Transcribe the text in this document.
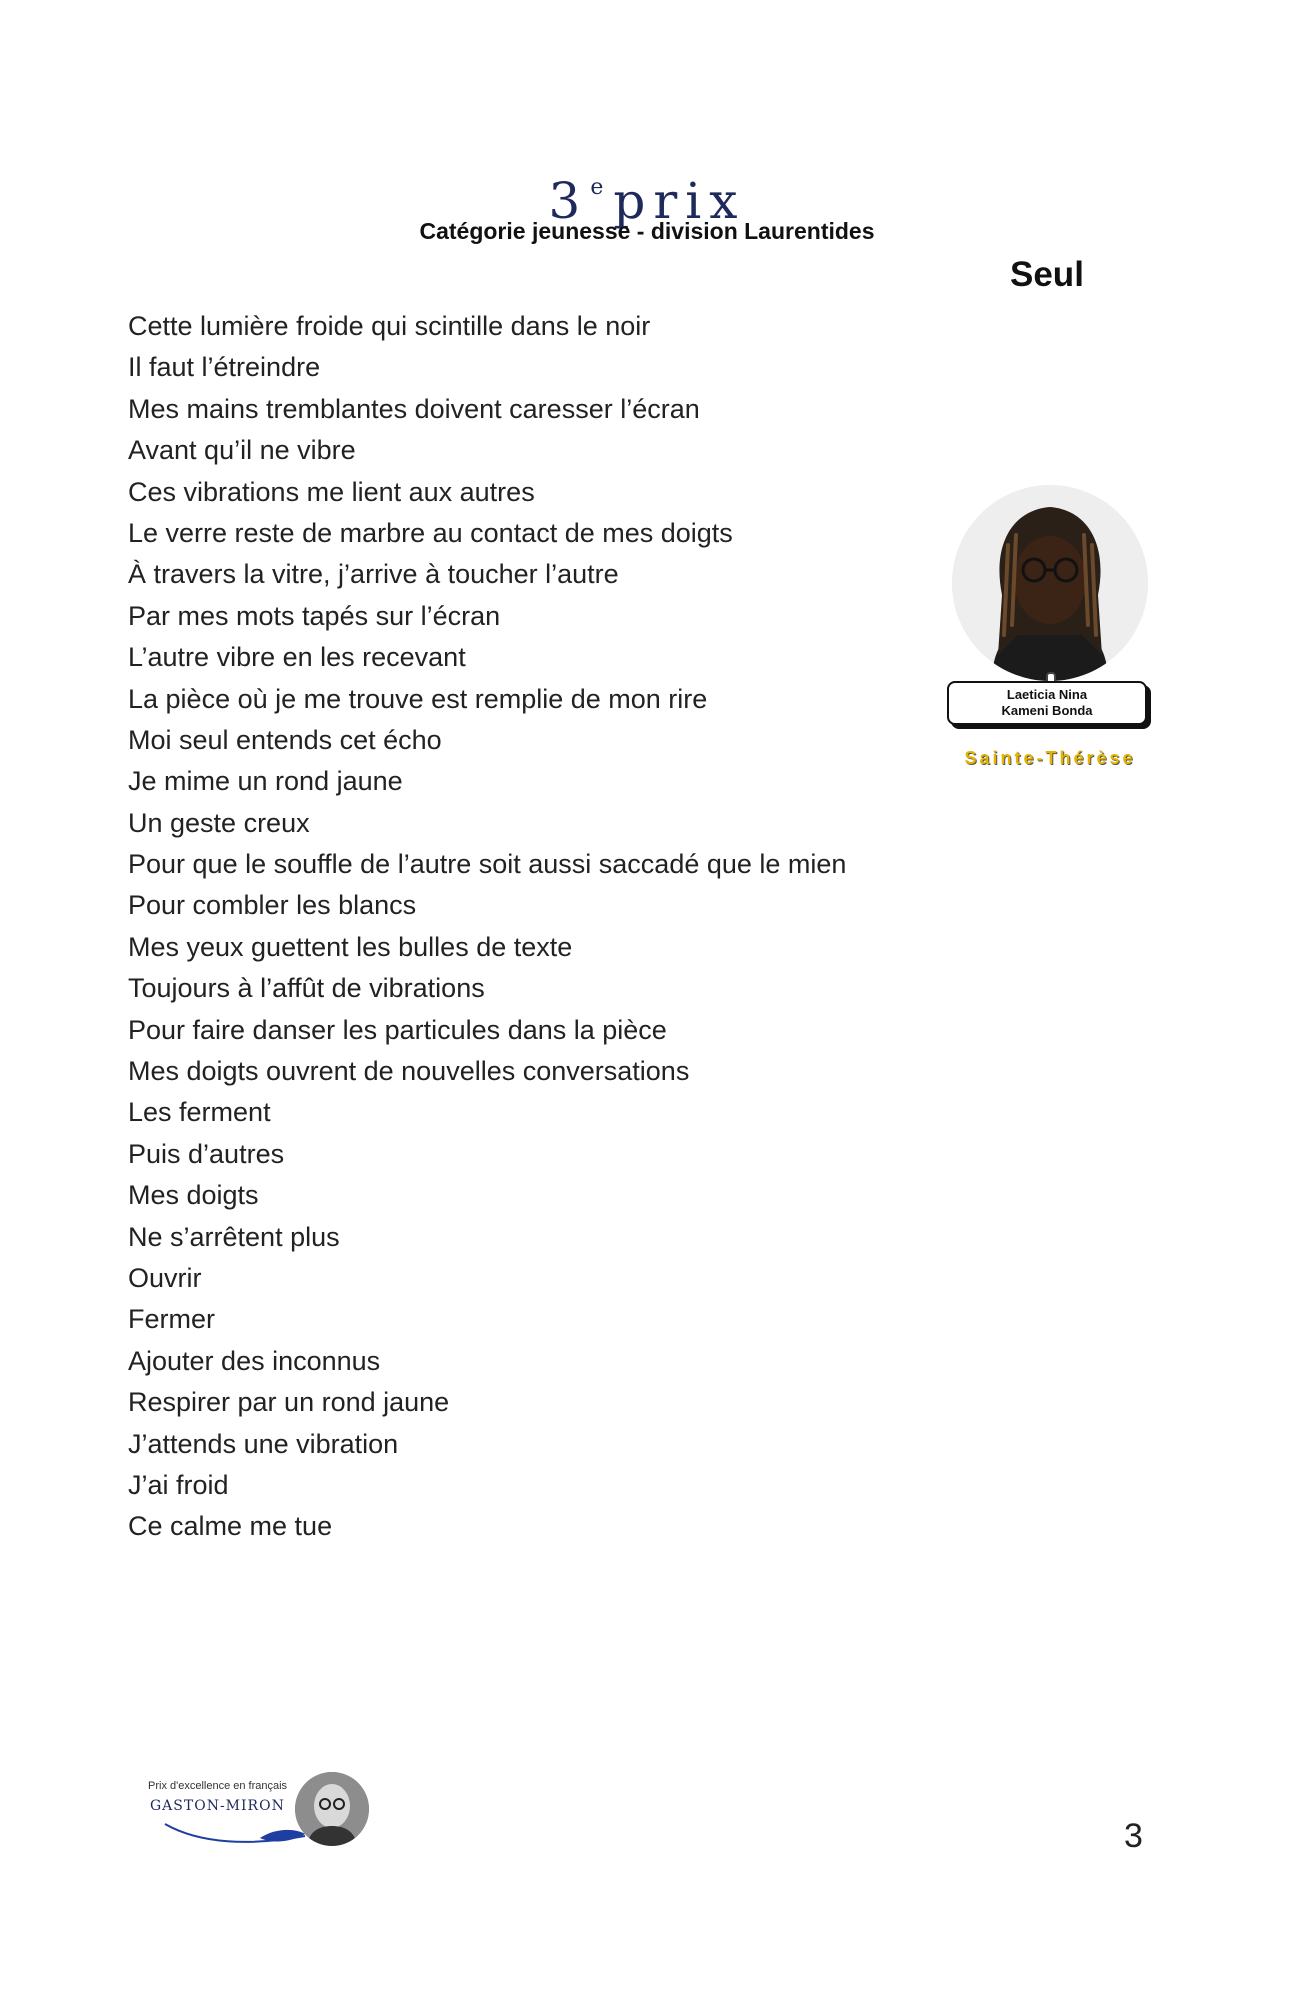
3e prix
Catégorie jeunesse - division Laurentides
Seul
Cette lumière froide qui scintille dans le noir
Il faut l’étreindre
Mes mains tremblantes doivent caresser l’écran
Avant qu’il ne vibre
Ces vibrations me lient aux autres
Le verre reste de marbre au contact de mes doigts
À travers la vitre, j’arrive à toucher l’autre
Par mes mots tapés sur l’écran
L’autre vibre en les recevant
La pièce où je me trouve est remplie de mon rire
Moi seul entends cet écho
Je mime un rond jaune
Un geste creux
Pour que le souffle de l’autre soit aussi saccadé que le mien
Pour combler les blancs
Mes yeux guettent les bulles de texte
Toujours à l’affût de vibrations
Pour faire danser les particules dans la pièce
Mes doigts ouvrent de nouvelles conversations
Les ferment
Puis d’autres
Mes doigts
Ne s’arrêtent plus
Ouvrir
Fermer
Ajouter des inconnus
Respirer par un rond jaune
J’attends une vibration
J’ai froid
Ce calme me tue
Laeticia Nina
Kameni Bonda
Sainte-Thérèse
Prix d'excellence en français
GASTON-MIRON
3
